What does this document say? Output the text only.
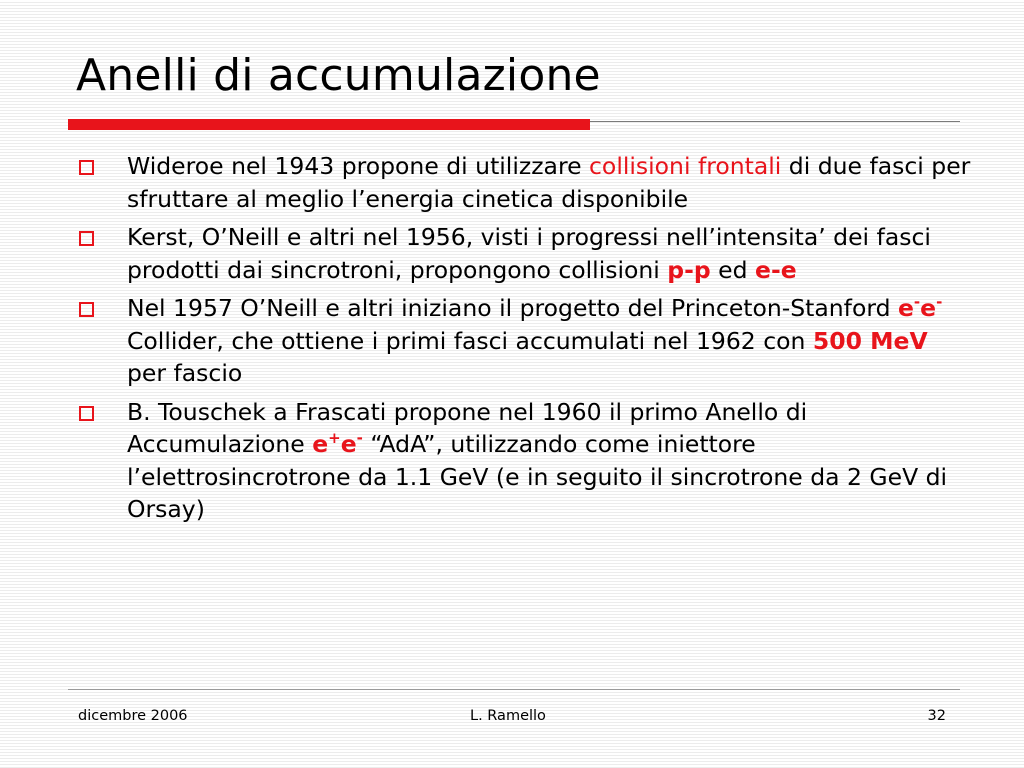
Anelli di accumulazione
Wideroe nel 1943 propone di utilizzare collisioni frontali di due fasci per sfruttare al meglio l’energia cinetica disponibile
Kerst, O’Neill e altri nel 1956, visti i progressi nell’intensita’ dei fasci prodotti dai sincrotroni, propongono collisioni p-p ed e-e
Nel 1957 O’Neill e altri iniziano il progetto del Princeton-Stanford e-e- Collider, che ottiene i primi fasci accumulati nel 1962 con 500 MeV per fascio
B. Touschek a Frascati propone nel 1960 il primo Anello di Accumulazione e+e- “AdA”, utilizzando come iniettore l’elettrosincrotrone da 1.1 GeV (e in seguito il sincrotrone da 2 GeV di Orsay)
dicembre 2006	L. Ramello	32
